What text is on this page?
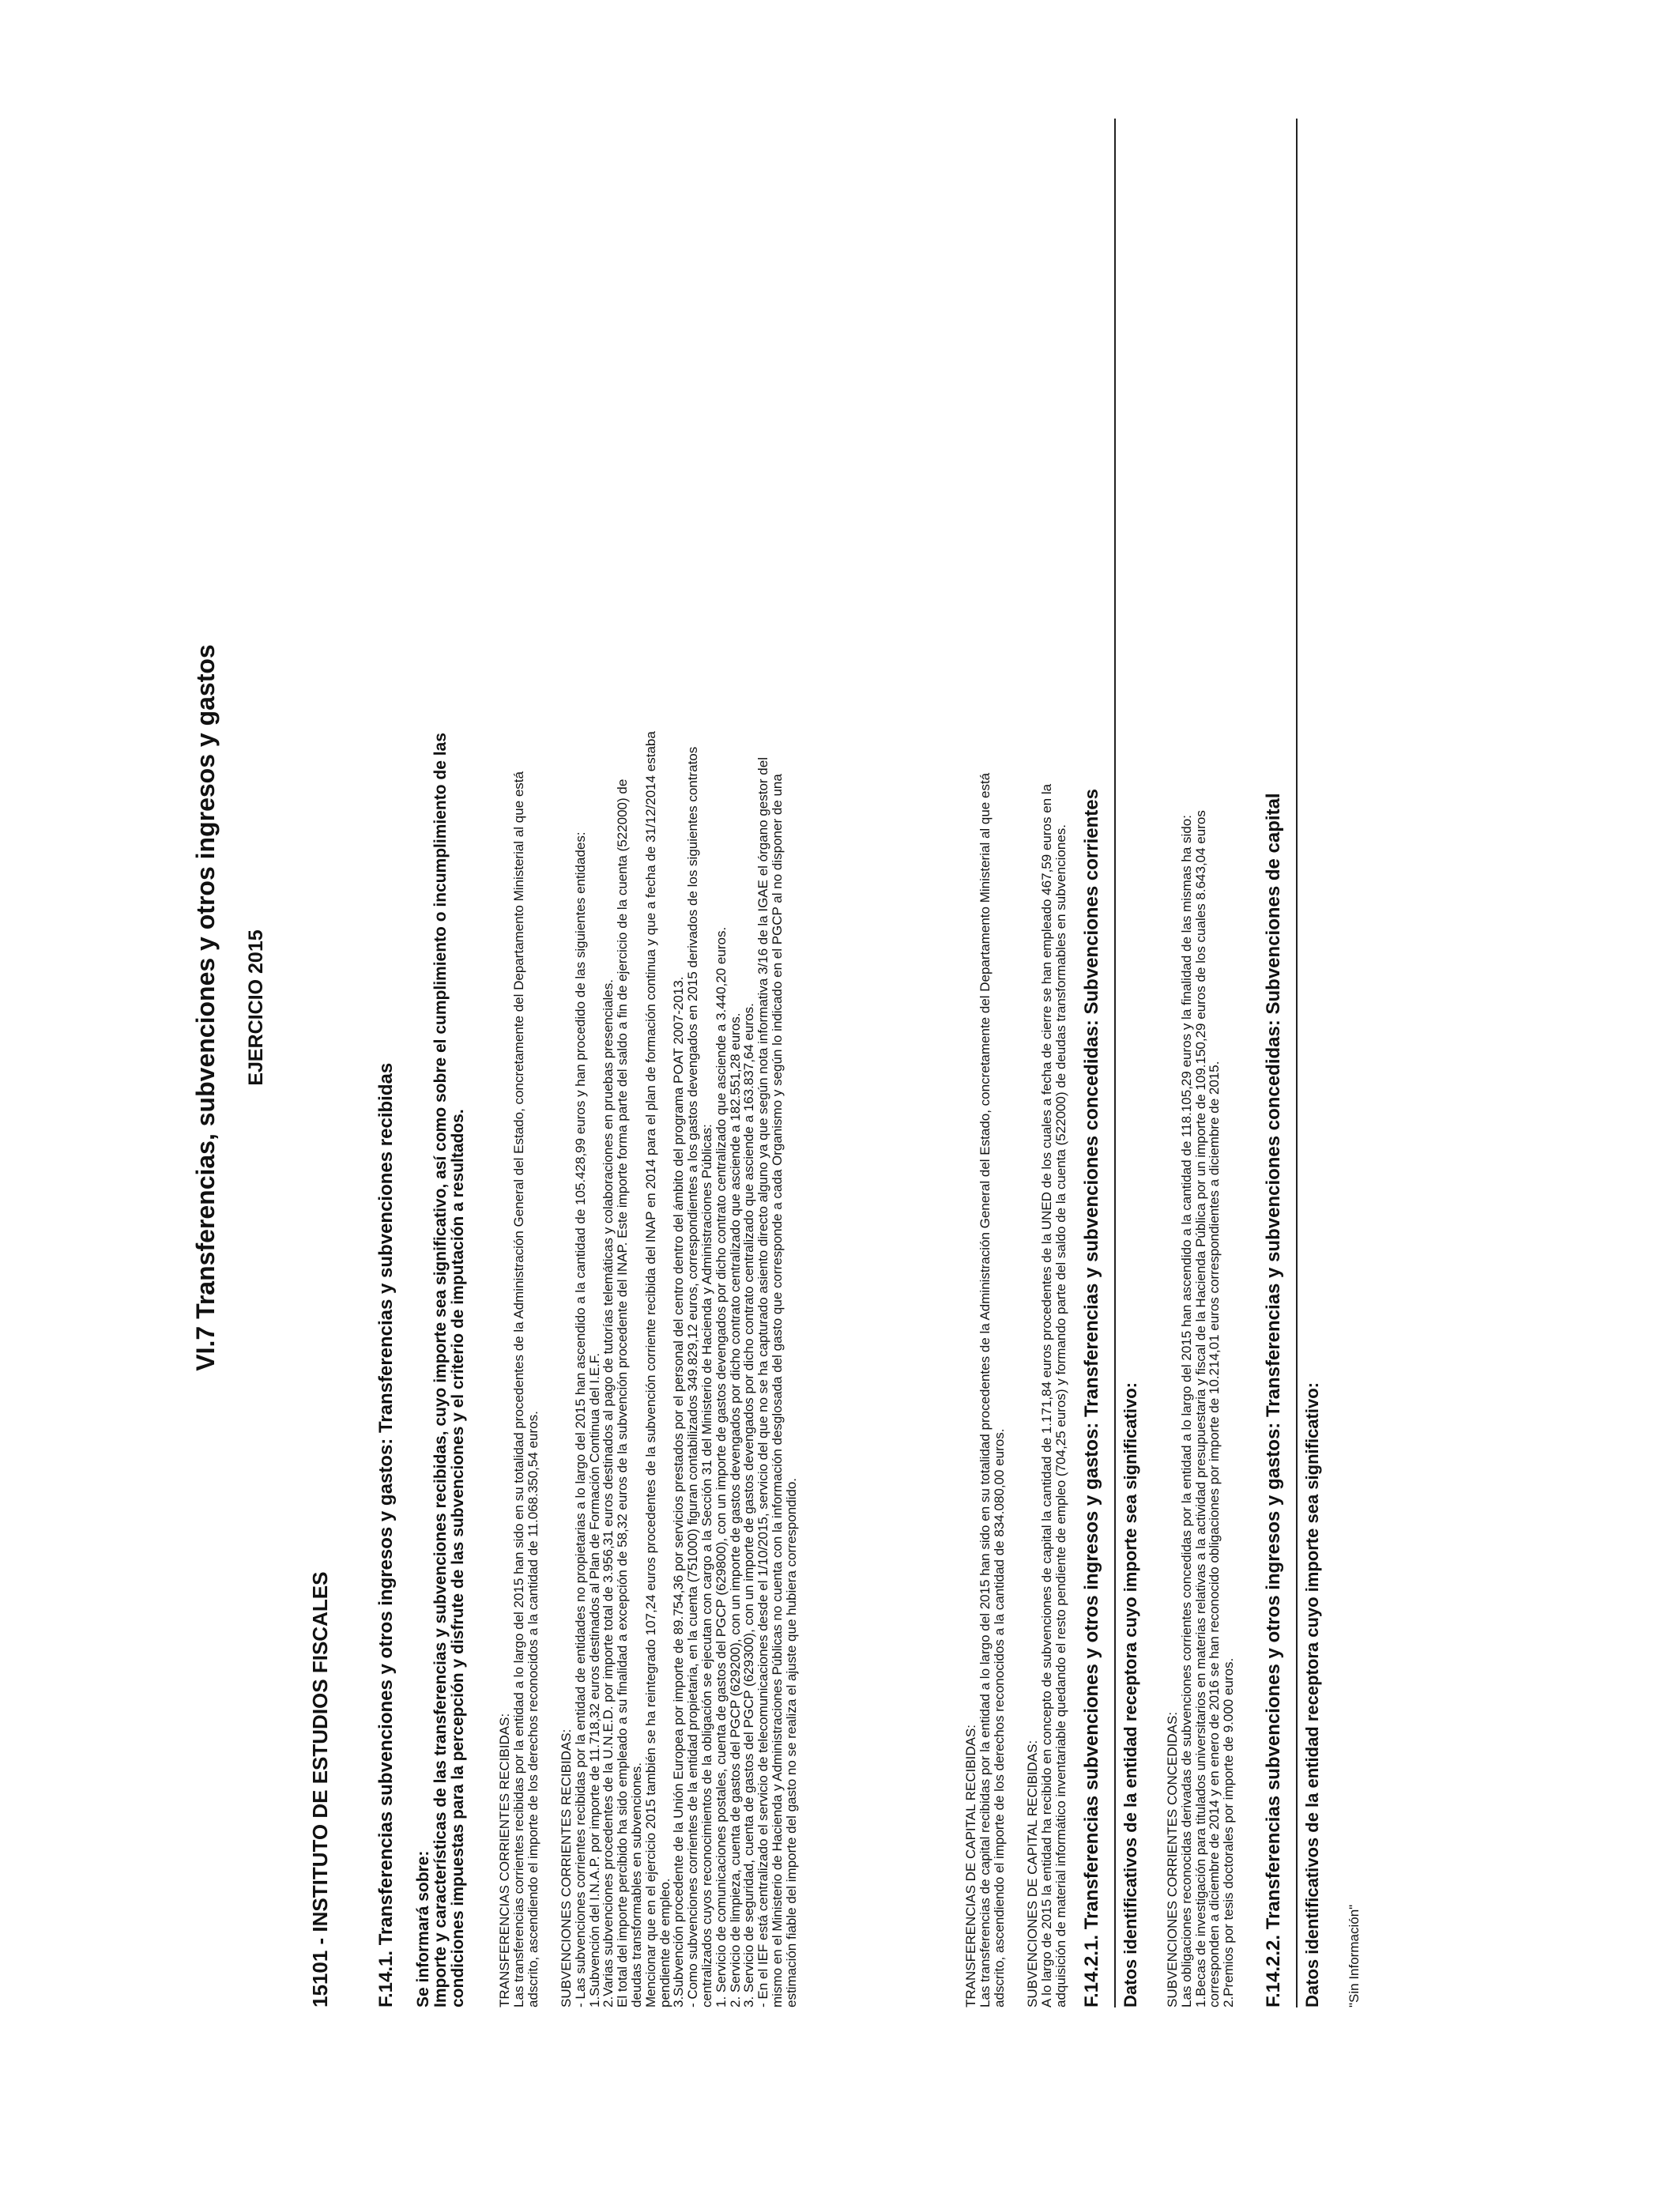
VI.7 Transferencias, subvenciones y otros ingresos y gastos EJERCICIO 2015
15101 - INSTITUTO DE ESTUDIOS FISCALES F.14.1. Transferencias subvenciones y otros ingresos y gastos: Transferencias y subvenciones recibidas Se informará sobre: Importe y características de las transferencias y subvenciones recibidas, cuyo importe sea significativo, así como sobre el cumplimiento o incumplimiento de las condiciones impuestas para la percepción y disfrute de las subvenciones y el criterio de imputación a resultados. TRANSFERENCIAS CORRIENTES RECIBIDAS:
Las transferencias corrientes recibidas por la entidad a lo largo del 2015 han sido en su totalidad procedentes de la Administración General del Estado, concretamente del Departamento Ministerial al que está
adscrito, ascendiendo el importe de los derechos reconocidos a la cantidad de 11.068.350,54 euros. SUBVENCIONES CORRIENTES RECIBIDAS:
- Las subvenciones corrientes recibidas por la entidad de entidades no propietarias a lo largo del 2015 han ascendido a la cantidad de 105.428,99 euros y han procedido de las siguientes entidades:
1.Subvención del I.N.A.P. por importe de 11.718,32 euros destinados al Plan de Formación Continua del I.E.F.
2.Varias subvenciones procedentes de la U.N.E.D. por importe total de 3.956,31 euros destinados al pago de tutorías telemáticas y colaboraciones en pruebas presenciales.
El total del importe percibido ha sido empleado a su finalidad a excepción de 58,32 euros de la subvención procedente del INAP. Este importe forma parte del saldo a fin de ejercicio de la cuenta (522000) de
deudas transformables en subvenciones.
Mencionar que en el ejercicio 2015 también se ha reintegrado 107,24 euros procedentes de la subvención corriente recibida del INAP en 2014 para el plan de formación continua y que a fecha de 31/12/2014 estaba
pendiente de empleo.
3.Subvención procedente de la Unión Europea por importe de 89.754,36 por servicios prestados por el personal del centro dentro del ámbito del programa POAT 2007-2013.
- Como subvenciones corrientes de la entidad propietaria, en la cuenta (751000) figuran contabilizados 349.829,12 euros, correspondientes a los gastos devengados en 2015 derivados de los siguientes contratos
centralizados cuyos reconocimientos de la obligación se ejecutan con cargo a la Sección 31 del Ministerio de Hacienda y Administraciones Públicas:
1. Servicio de comunicaciones postales, cuenta de gastos del PGCP (629800), con un importe de gastos devengados por dicho contrato centralizado que asciende a 3.440,20 euros.
2. Servicio de limpieza, cuenta de gastos del PGCP (629200), con un importe de gastos devengados por dicho contrato centralizado que asciende a 182.551,28 euros.
3. Servicio de seguridad, cuenta de gastos del PGCP (629300), con un importe de gastos devengados por dicho contrato centralizado que asciende a 163.837,64 euros.
- En el IEF está centralizado el servicio de telecomunicaciones desde el 1/10/2015, servicio del que no se ha capturado asiento directo alguno ya que según nota informativa 3/16 de la IGAE el órgano gestor del
mismo en el Ministerio de Hacienda y Administraciones Públicas no cuenta con la información desglosada del gasto que corresponde a cada Organismo y según lo indicado en el PGCP al no disponer de una
estimación fiable del importe del gasto no se realiza el ajuste que hubiera correspondido.	TRANSFERENCIAS DE CAPITAL RECIBIDAS:
Las transferencias de capital recibidas por la entidad a lo largo del 2015 han sido en su totalidad procedentes de la Administración General del Estado, concretamente del Departamento Ministerial al que está
adscrito, ascendiendo el importe de los derechos reconocidos a la cantidad de 834.080,00 euros. SUBVENCIONES DE CAPITAL RECIBIDAS:
A lo largo de 2015 la entidad ha recibido en concepto de subvenciones de capital la cantidad de 1.171,84 euros procedentes de la UNED de los cuales a fecha de cierre se han empleado 467,59 euros en la
adquisición de material informático inventariable quedando el resto pendiente de empleo (704,25 euros) y formando parte del saldo de la cuenta (522000) de deudas transformables en subvenciones. F.14.2.1. Transferencias subvenciones y otros ingresos y gastos: Transferencias y subvenciones concedidas: Subvenciones corrientes Datos identificativos de la entidad receptora cuyo importe sea significativo: SUBVENCIONES CORRIENTES CONCEDIDAS:
Las obligaciones reconocidas derivadas de subvenciones corrientes concedidas por la entidad a lo largo del 2015 han ascendido a la cantidad de 118.105,29 euros y la finalidad de las mismas ha sido:
1.Becas de investigación para titulados universitarios en materias relativas a la actividad presupuestaria y fiscal de la Hacienda Pública por un importe de 109.150,29 euros de los cuales 8.643,04 euros
corresponden a diciembre de 2014 y en enero de 2016 se han reconocido obligaciones por importe de 10.214,01 euros correspondientes a diciembre de 2015.
2.Premios por tesis doctorales por importe de 9.000 euros. F.14.2.2. Transferencias subvenciones y otros ingresos y gastos: Transferencias y subvenciones concedidas: Subvenciones de capital Datos identificativos de la entidad receptora cuyo importe sea significativo: "Sin Información"
